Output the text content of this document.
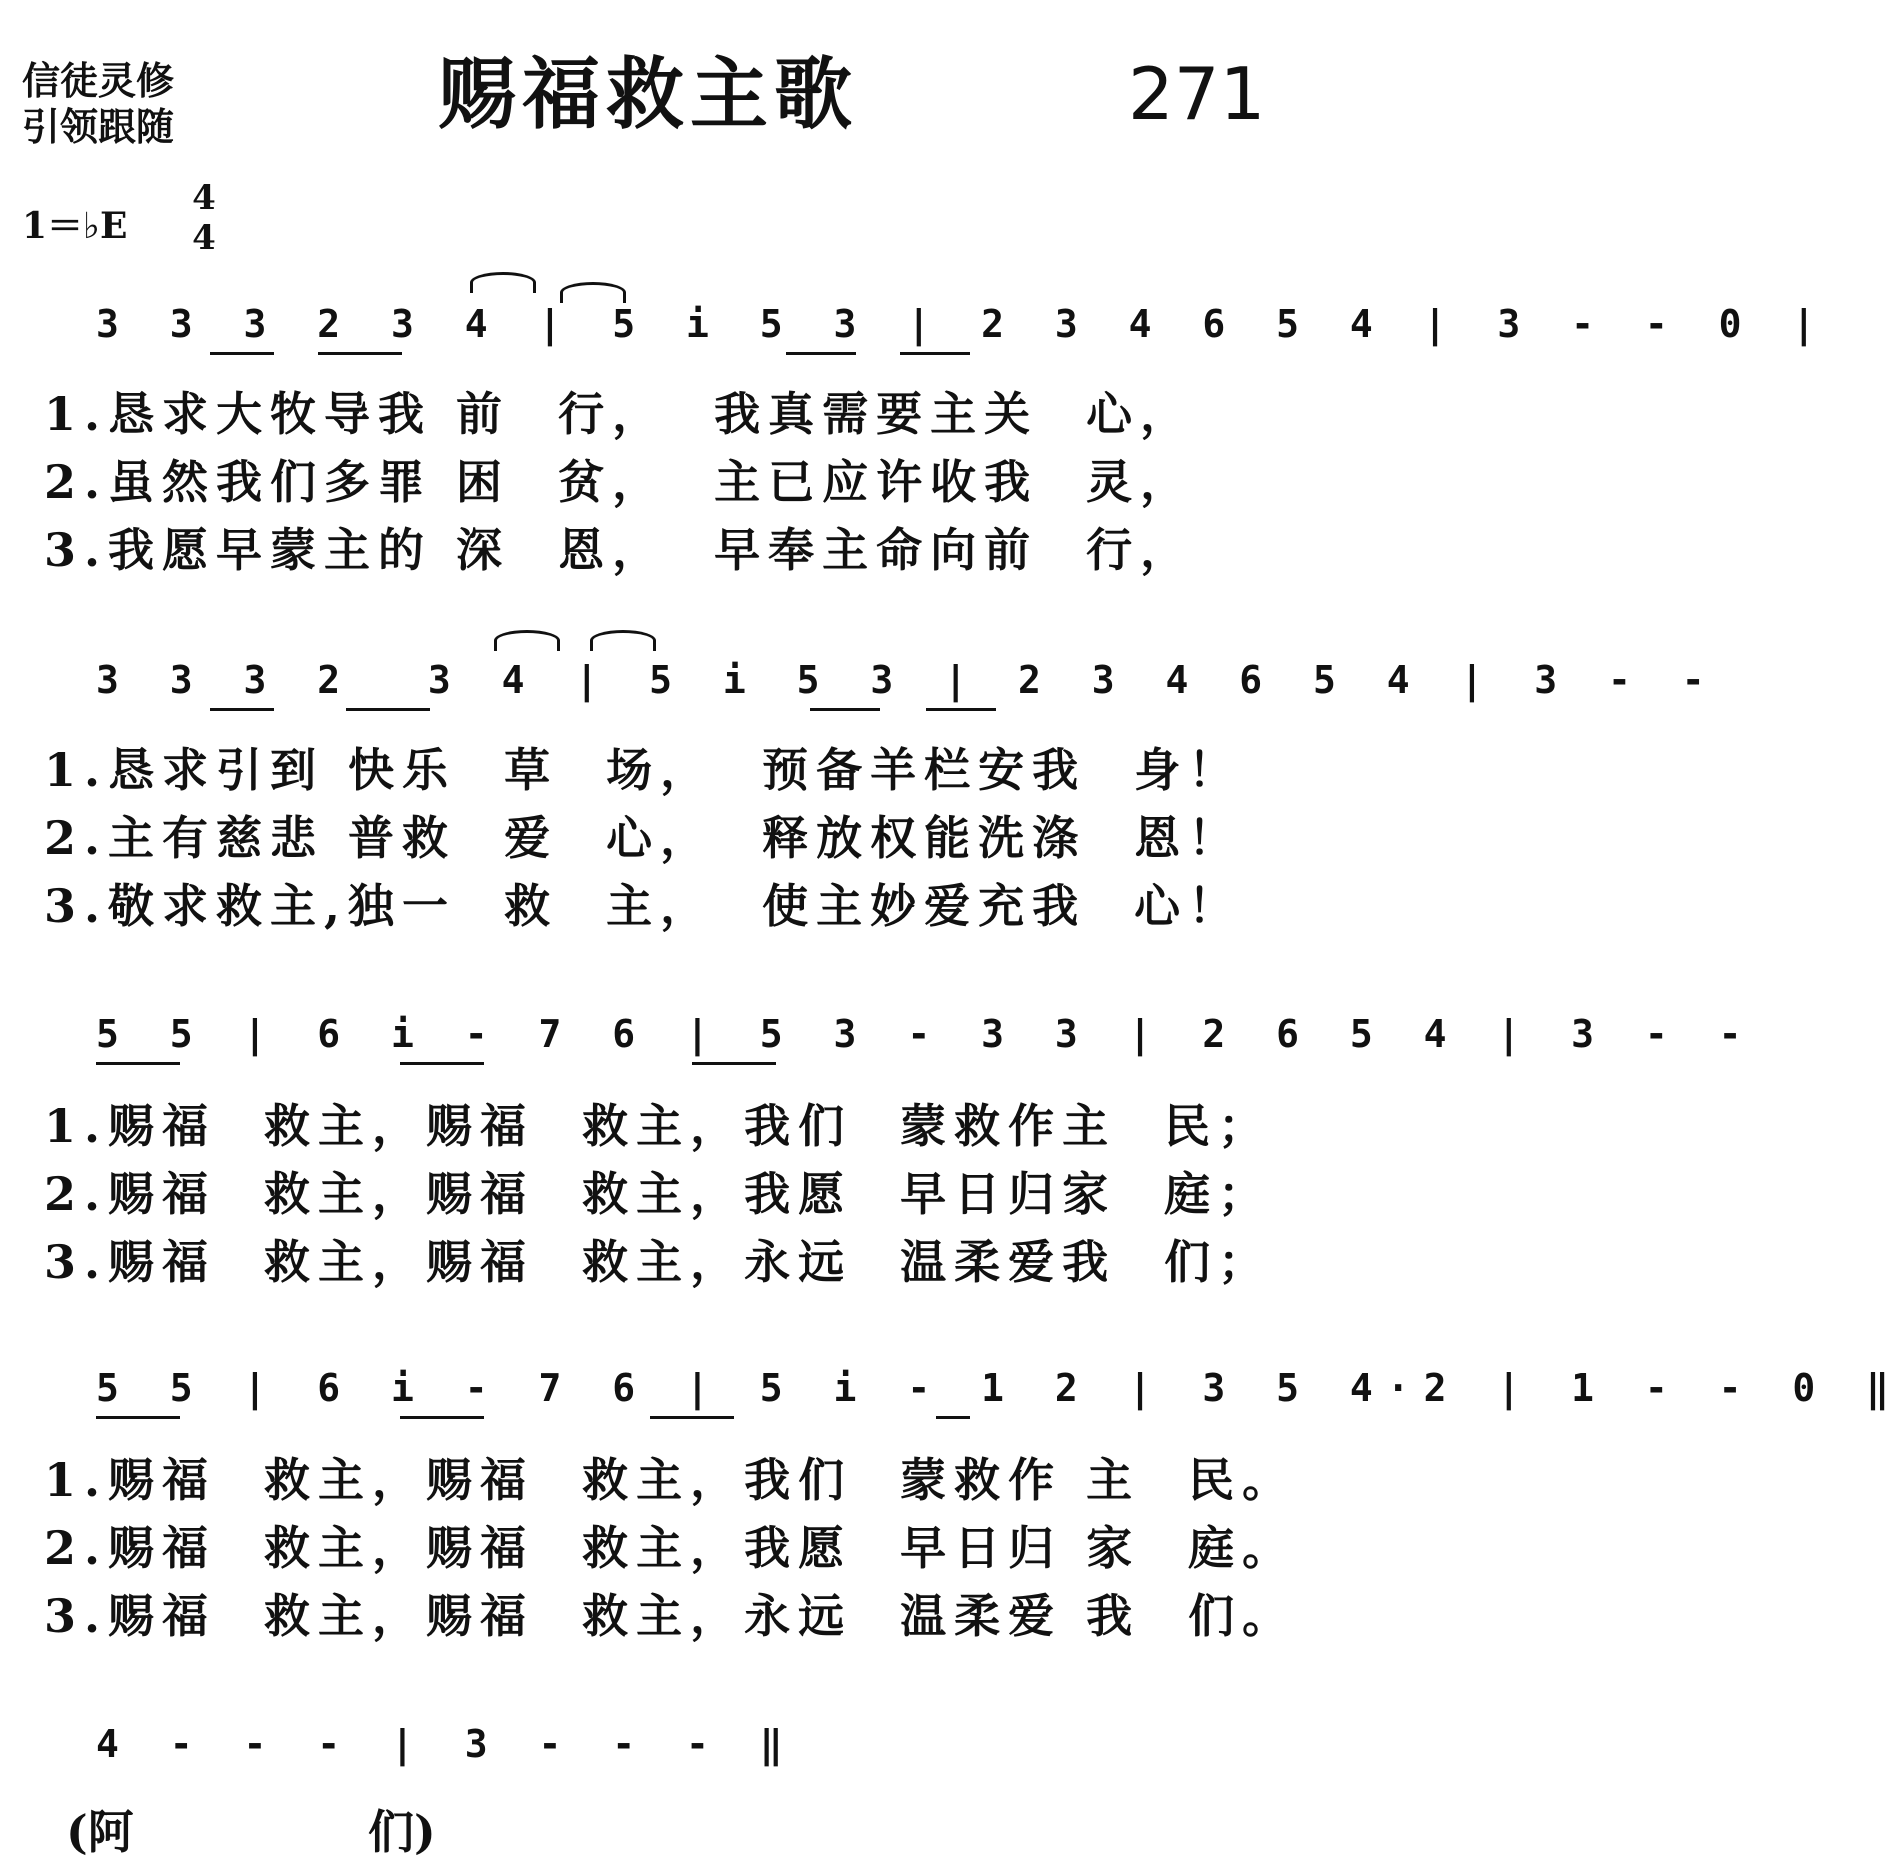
信徒灵修
引领跟随	赐福救主歌	271
1＝♭E
4
4
3 3 3 2 3 4 | 5 i 5 3 | 2 3 4 6 5 4 | 3 - - 0 |
1.恳求大牧导我 前  行，  我真需要主关  心，
2.虽然我们多罪 困  贫，  主已应许收我  灵，
3.我愿早蒙主的 深  恩，  早奉主命向前  行，
3 3 3 2  3 4 | 5 i 5 3 | 2 3 4 6 5 4 | 3 - -
1.恳求引到 快乐  草  场，  预备羊栏安我  身！
2.主有慈悲 普救  爱  心，  释放权能洗涤  恩！
3.敬求救主,独一  救  主，  使主妙爱充我  心！
5 5 | 6 i - 7 6 | 5 3 - 3 3 | 2 6 5 4 | 3 - -
1.赐福  救主，赐福  救主，我们  蒙救作主  民；
2.赐福  救主，赐福  救主，我愿  早日归家  庭；
3.赐福  救主，赐福  救主，永远  温柔爱我  们；
5 5 | 6 i - 7 6 | 5 i - 1 2 | 3 5 4·2 | 1 - - 0 ‖
1.赐福  救主，赐福  救主，我们  蒙救作 主  民。
2.赐福  救主，赐福  救主，我愿  早日归 家  庭。
3.赐福  救主，赐福  救主，永远  温柔爱 我  们。
4 - - - | 3 - - - ‖
(阿	们)
